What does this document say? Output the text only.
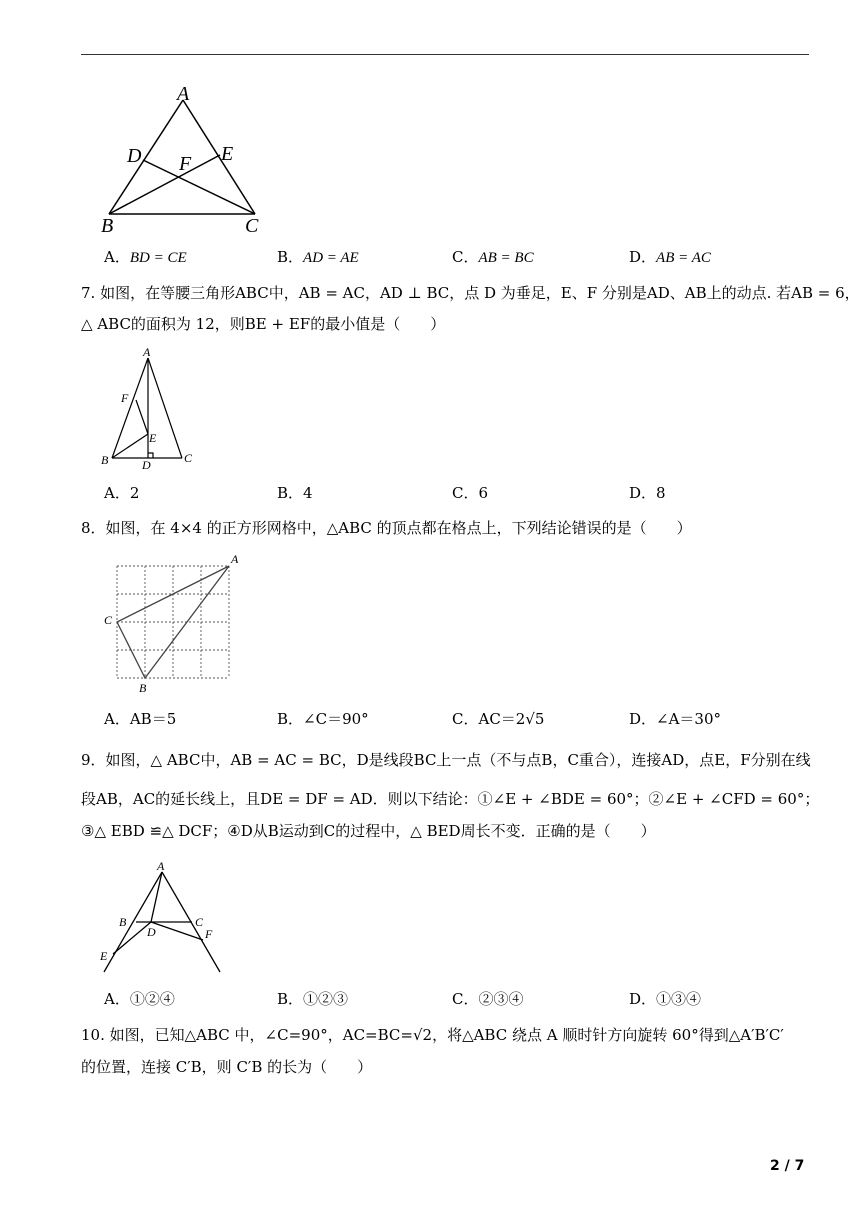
A
D F E
B	C
A．BD = CE	B．AD = AE	C．AB = BC	D．AB = AC
7. 如图，在等腰三角形ABC中，AB = AC，AD ⊥ BC，点 D 为垂足，E、F 分别是AD、AB上的动点. 若AB = 6，
△ ABC的面积为 12，则BE + EF的最小值是（　　）
A
F
E
B	D	C
A．2	B．4	C．6	D．8
8．如图，在 4×4 的正方形网格中，△ABC 的顶点都在格点上，下列结论错误的是（　　）
A
C
B
A．AB＝5	B．∠C＝90°	C．AC＝2√5	D．∠A＝30°
9．如图，△ ABC中，AB = AC = BC，D是线段BC上一点（不与点B，C重合），连接AD，点E，F分别在线
段AB，AC的延长线上，且DE = DF = AD．则以下结论：①∠E + ∠BDE = 60°；②∠E + ∠CFD = 60°；
③△ EBD ≌△ DCF；④D从B运动到C的过程中，△ BED周长不变．正确的是（　　）
A
B	C
D
E
F
A．①②④	B．①②③	C．②③④	D．①③④
10. 如图，已知△ABC 中，∠C=90°，AC=BC=√2，将△ABC 绕点 A 顺时针方向旋转 60°得到△A′B′C′
的位置，连接 C′B，则 C′B 的长为（　　）
2 / 7
